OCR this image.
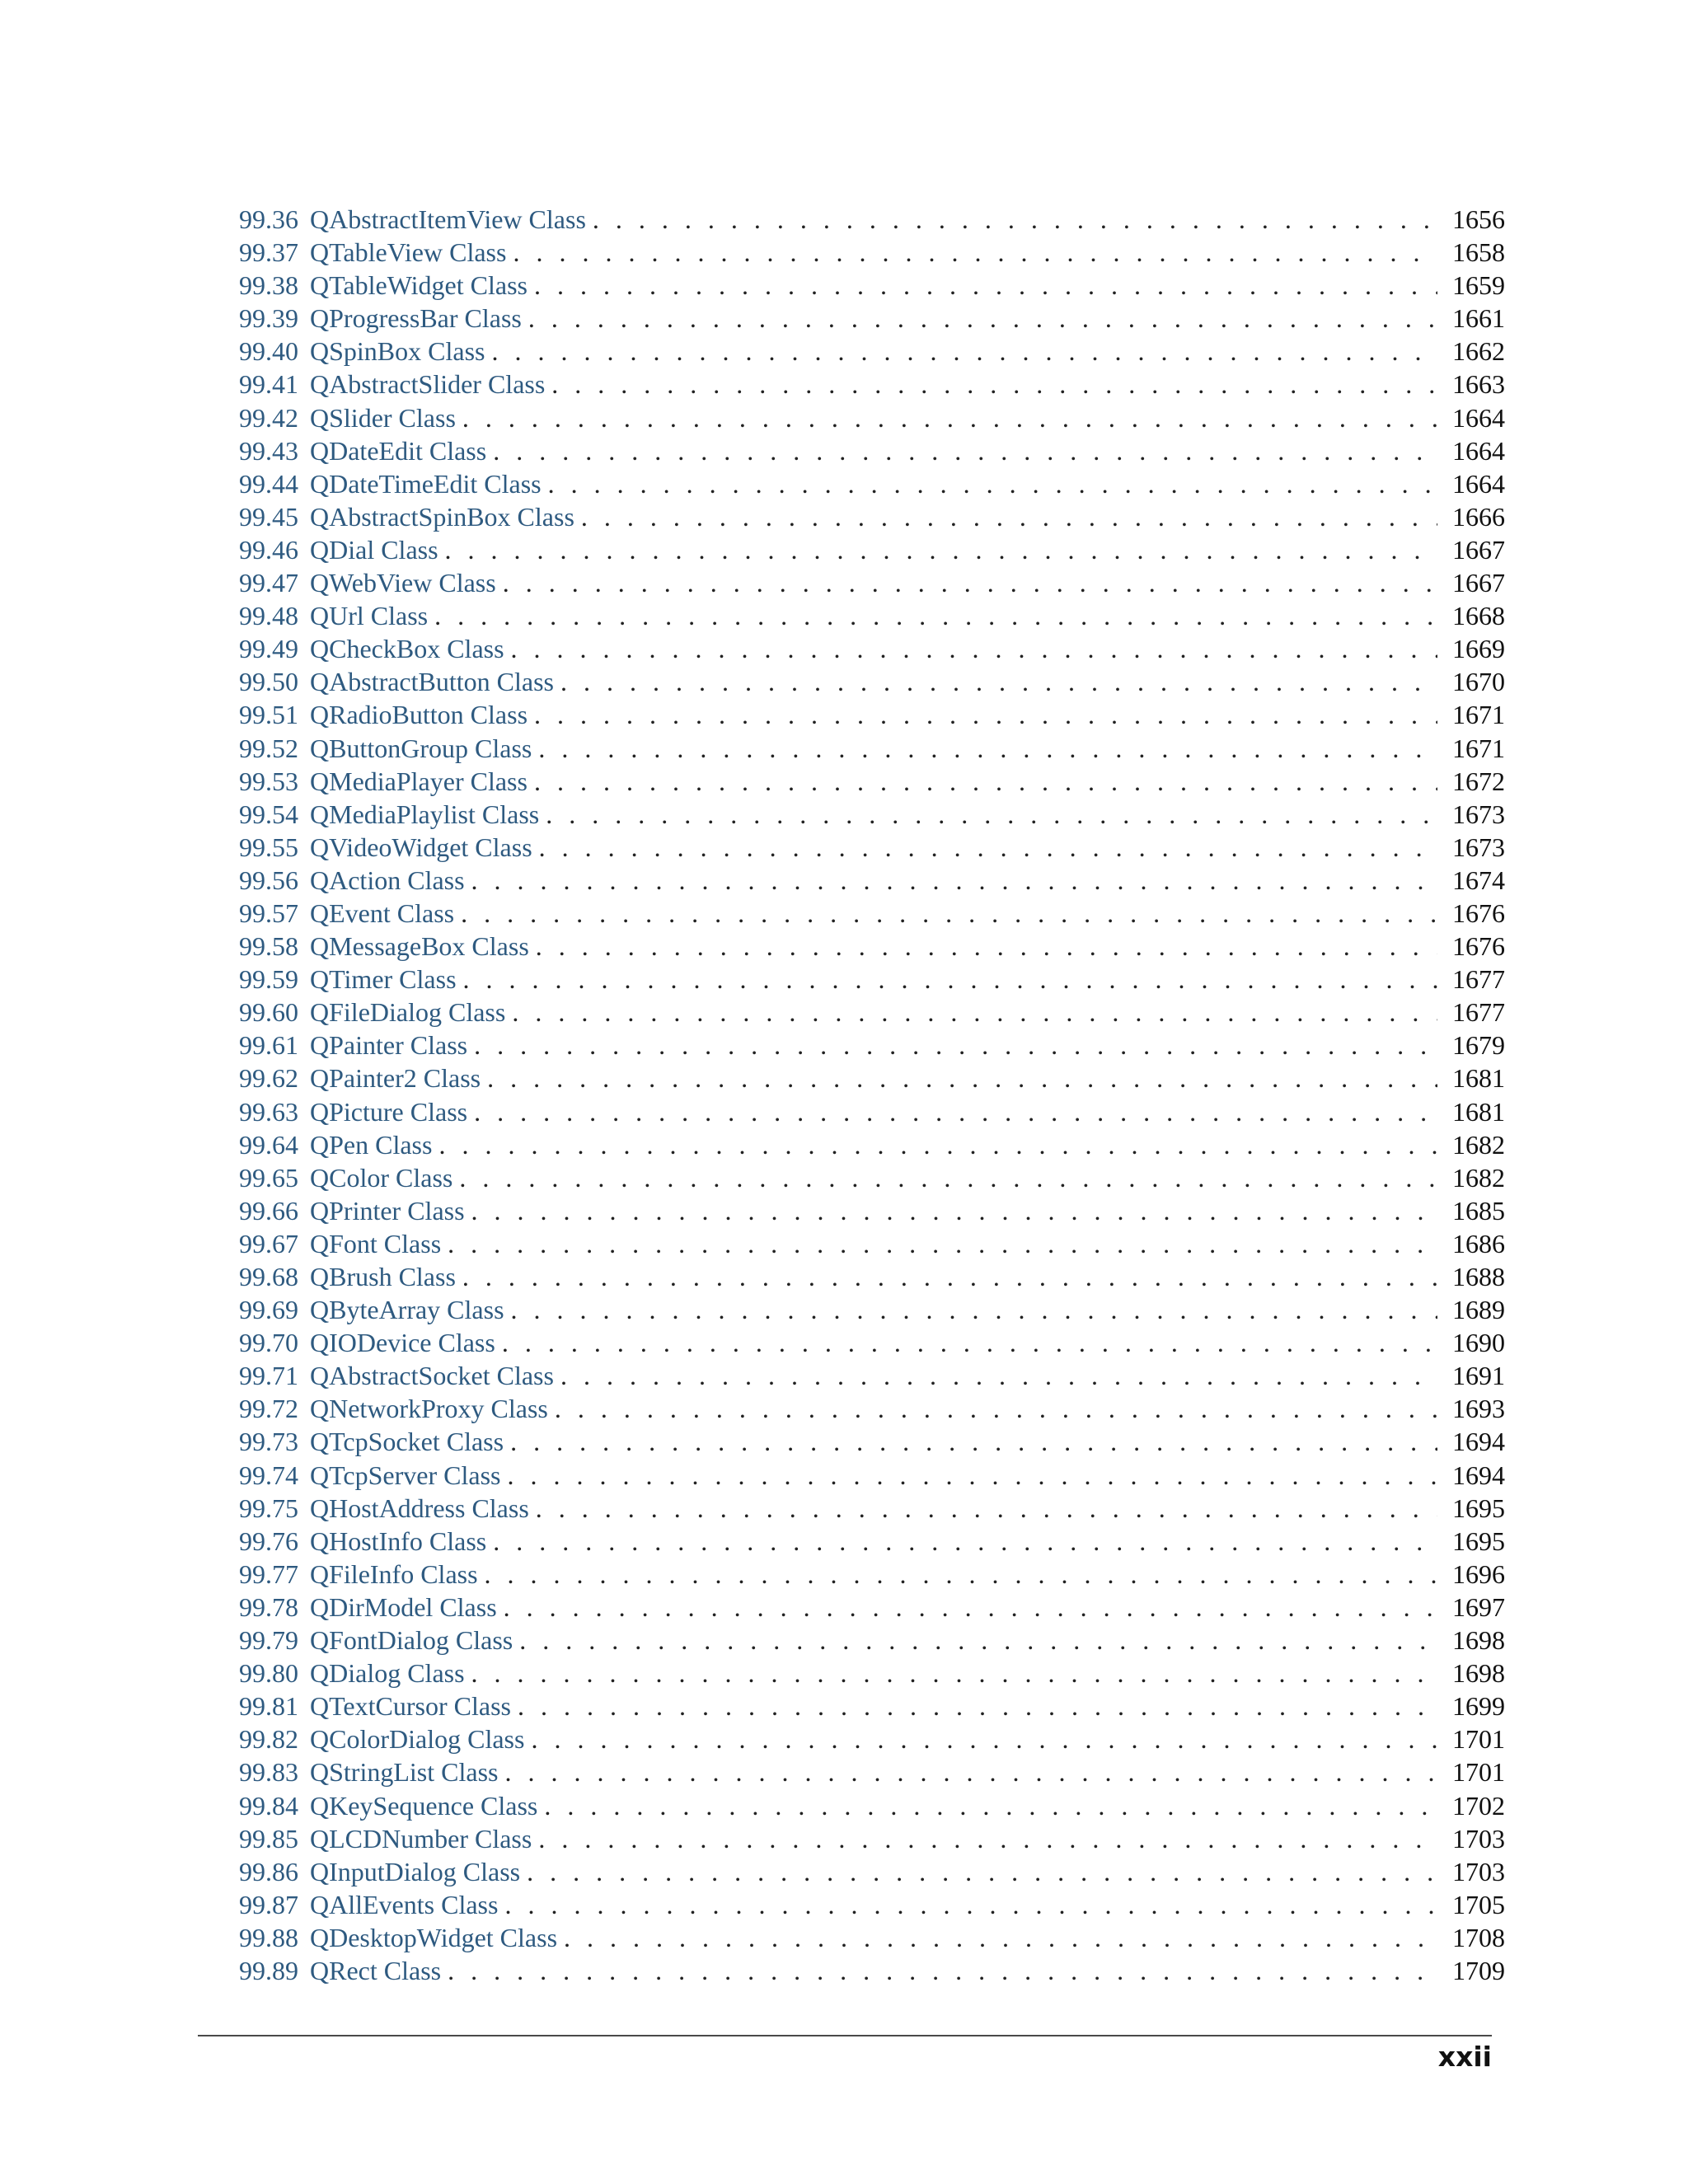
99.36 QAbstractItemView Class . . .	1656
99.37 QTableView Class . . .	1658
99.38 QTableWidget Class . . .	1659
99.39 QProgressBar Class . . .	1661
99.40 QSpinBox Class . . .	1662
99.41 QAbstractSlider Class . . .	1663
99.42 QSlider Class . . .	1664
99.43 QDateEdit Class . . .	1664
99.44 QDateTimeEdit Class . . .	1664
99.45 QAbstractSpinBox Class . . .	1666
99.46 QDial Class . . .	1667
99.47 QWebView Class . . .	1667
99.48 QUrl Class . . .	1668
99.49 QCheckBox Class . . .	1669
99.50 QAbstractButton Class . . .	1670
99.51 QRadioButton Class . . .	1671
99.52 QButtonGroup Class . . .	1671
99.53 QMediaPlayer Class . . .	1672
99.54 QMediaPlaylist Class . . .	1673
99.55 QVideoWidget Class . . .	1673
99.56 QAction Class . . .	1674
99.57 QEvent Class . . .	1676
99.58 QMessageBox Class . . .	1676
99.59 QTimer Class . . .	1677
99.60 QFileDialog Class . . .	1677
99.61 QPainter Class . . .	1679
99.62 QPainter2 Class . . .	1681
99.63 QPicture Class . . .	1681
99.64 QPen Class . . .	1682
99.65 QColor Class . . .	1682
99.66 QPrinter Class . . .	1685
99.67 QFont Class . . .	1686
99.68 QBrush Class . . .	1688
99.69 QByteArray Class . . .	1689
99.70 QIODevice Class . . .	1690
99.71 QAbstractSocket Class . . .	1691
99.72 QNetworkProxy Class . . .	1693
99.73 QTcpSocket Class . . .	1694
99.74 QTcpServer Class . . .	1694
99.75 QHostAddress Class . . .	1695
99.76 QHostInfo Class . . .	1695
99.77 QFileInfo Class . . .	1696
99.78 QDirModel Class . . .	1697
99.79 QFontDialog Class . . .	1698
99.80 QDialog Class . . .	1698
99.81 QTextCursor Class . . .	1699
99.82 QColorDialog Class . . .	1701
99.83 QStringList Class . . .	1701
99.84 QKeySequence Class . . .	1702
99.85 QLCDNumber Class . . .	1703
99.86 QInputDialog Class . . .	1703
99.87 QAllEvents Class . . .	1705
99.88 QDesktopWidget Class . . .	1708
99.89 QRect Class . . .	1709
xxii
